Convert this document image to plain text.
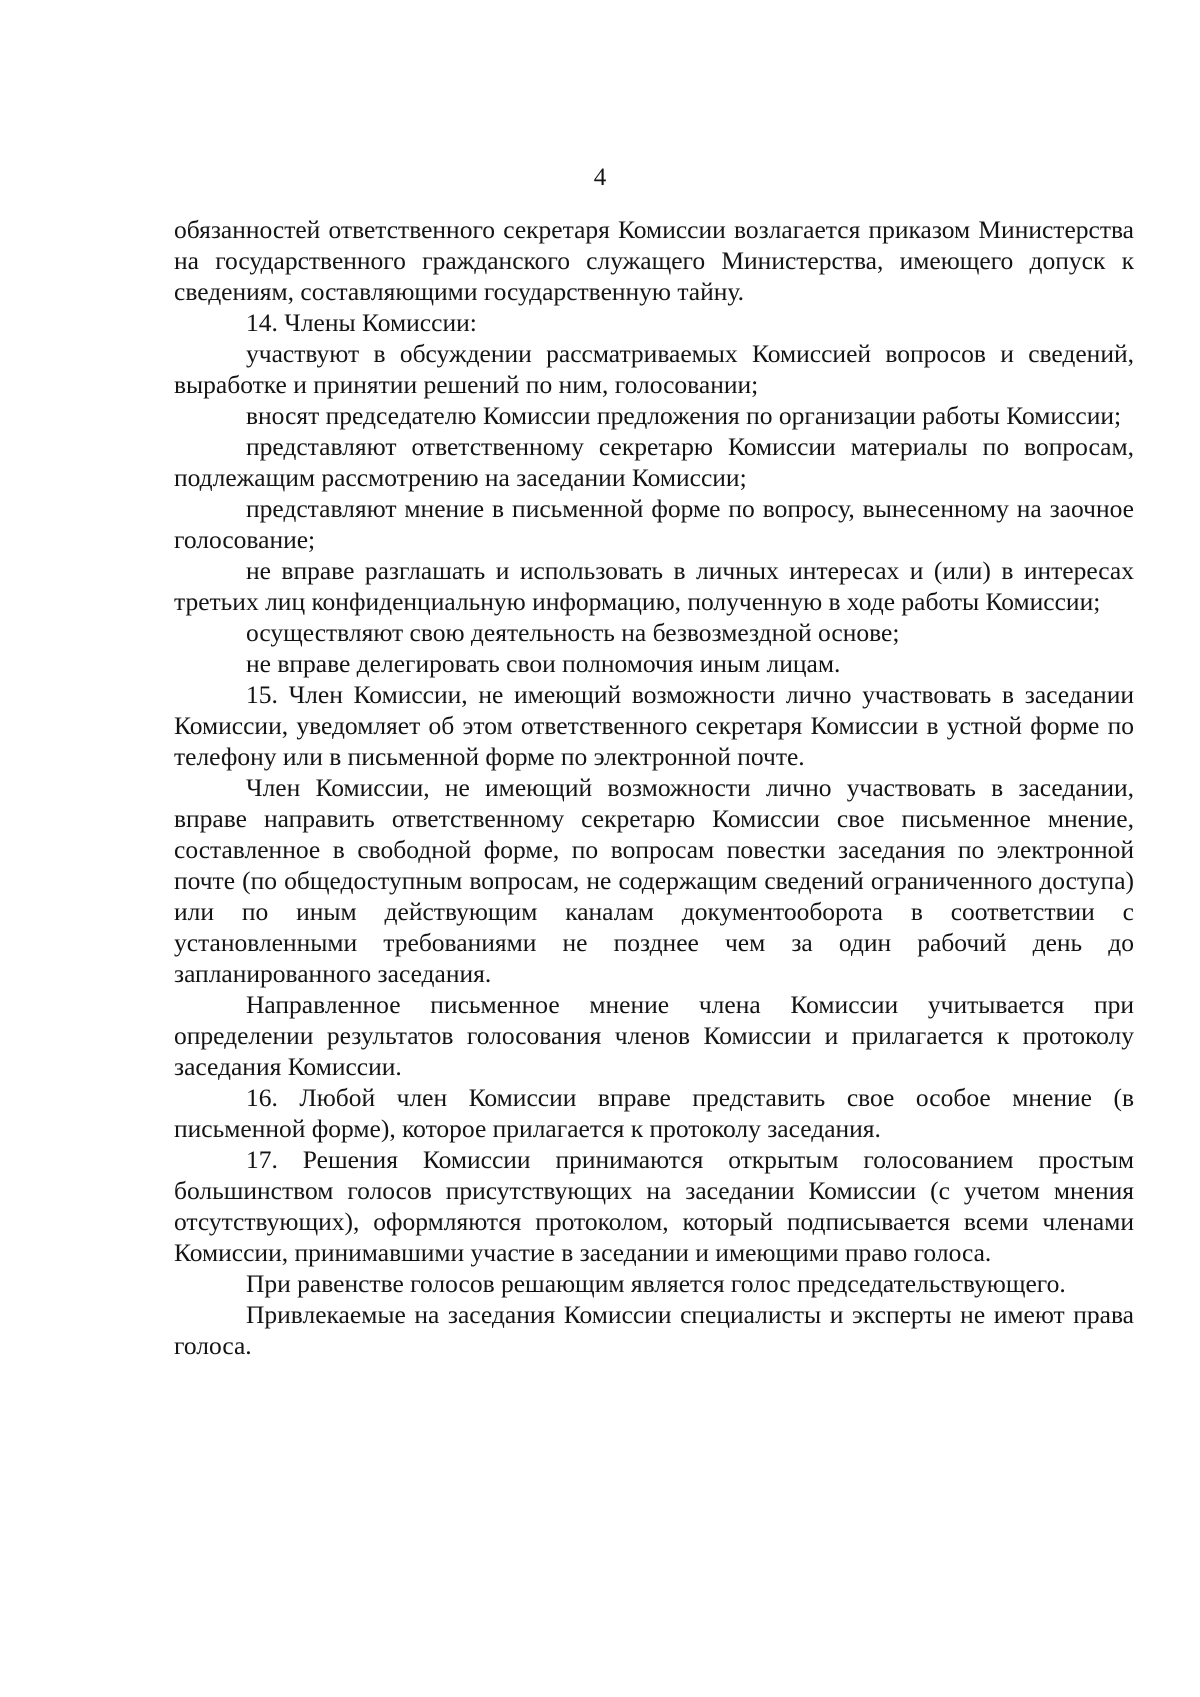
4

обязанностей ответственного секретаря Комиссии возлагается приказом Министерства на государственного гражданского служащего Министерства, имеющего допуск к сведениям, составляющими государственную тайну.

14. Члены Комиссии:

участвуют в обсуждении рассматриваемых Комиссией вопросов и сведений, выработке и принятии решений по ним, голосовании;

вносят председателю Комиссии предложения по организации работы Комиссии;

представляют ответственному секретарю Комиссии материалы по вопросам, подлежащим рассмотрению на заседании Комиссии;

представляют мнение в письменной форме по вопросу, вынесенному на заочное голосование;

не вправе разглашать и использовать в личных интересах и (или) в интересах третьих лиц конфиденциальную информацию, полученную в ходе работы Комиссии;

осуществляют свою деятельность на безвозмездной основе;

не вправе делегировать свои полномочия иным лицам.

15. Член Комиссии, не имеющий возможности лично участвовать в заседании Комиссии, уведомляет об этом ответственного секретаря Комиссии в устной форме по телефону или в письменной форме по электронной почте.

Член Комиссии, не имеющий возможности лично участвовать в заседании, вправе направить ответственному секретарю Комиссии свое письменное мнение, составленное в свободной форме, по вопросам повестки заседания по электронной почте (по общедоступным вопросам, не содержащим сведений ограниченного доступа) или по иным действующим каналам документооборота в соответствии с установленными требованиями не позднее чем за один рабочий день до запланированного заседания.

Направленное письменное мнение члена Комиссии учитывается при определении результатов голосования членов Комиссии и прилагается к протоколу заседания Комиссии.

16. Любой член Комиссии вправе представить свое особое мнение (в письменной форме), которое прилагается к протоколу заседания.

17. Решения Комиссии принимаются открытым голосованием простым большинством голосов присутствующих на заседании Комиссии (с учетом мнения отсутствующих), оформляются протоколом, который подписывается всеми членами Комиссии, принимавшими участие в заседании и имеющими право голоса.

При равенстве голосов решающим является голос председательствующего.

Привлекаемые на заседания Комиссии специалисты и эксперты не имеют права голоса.
